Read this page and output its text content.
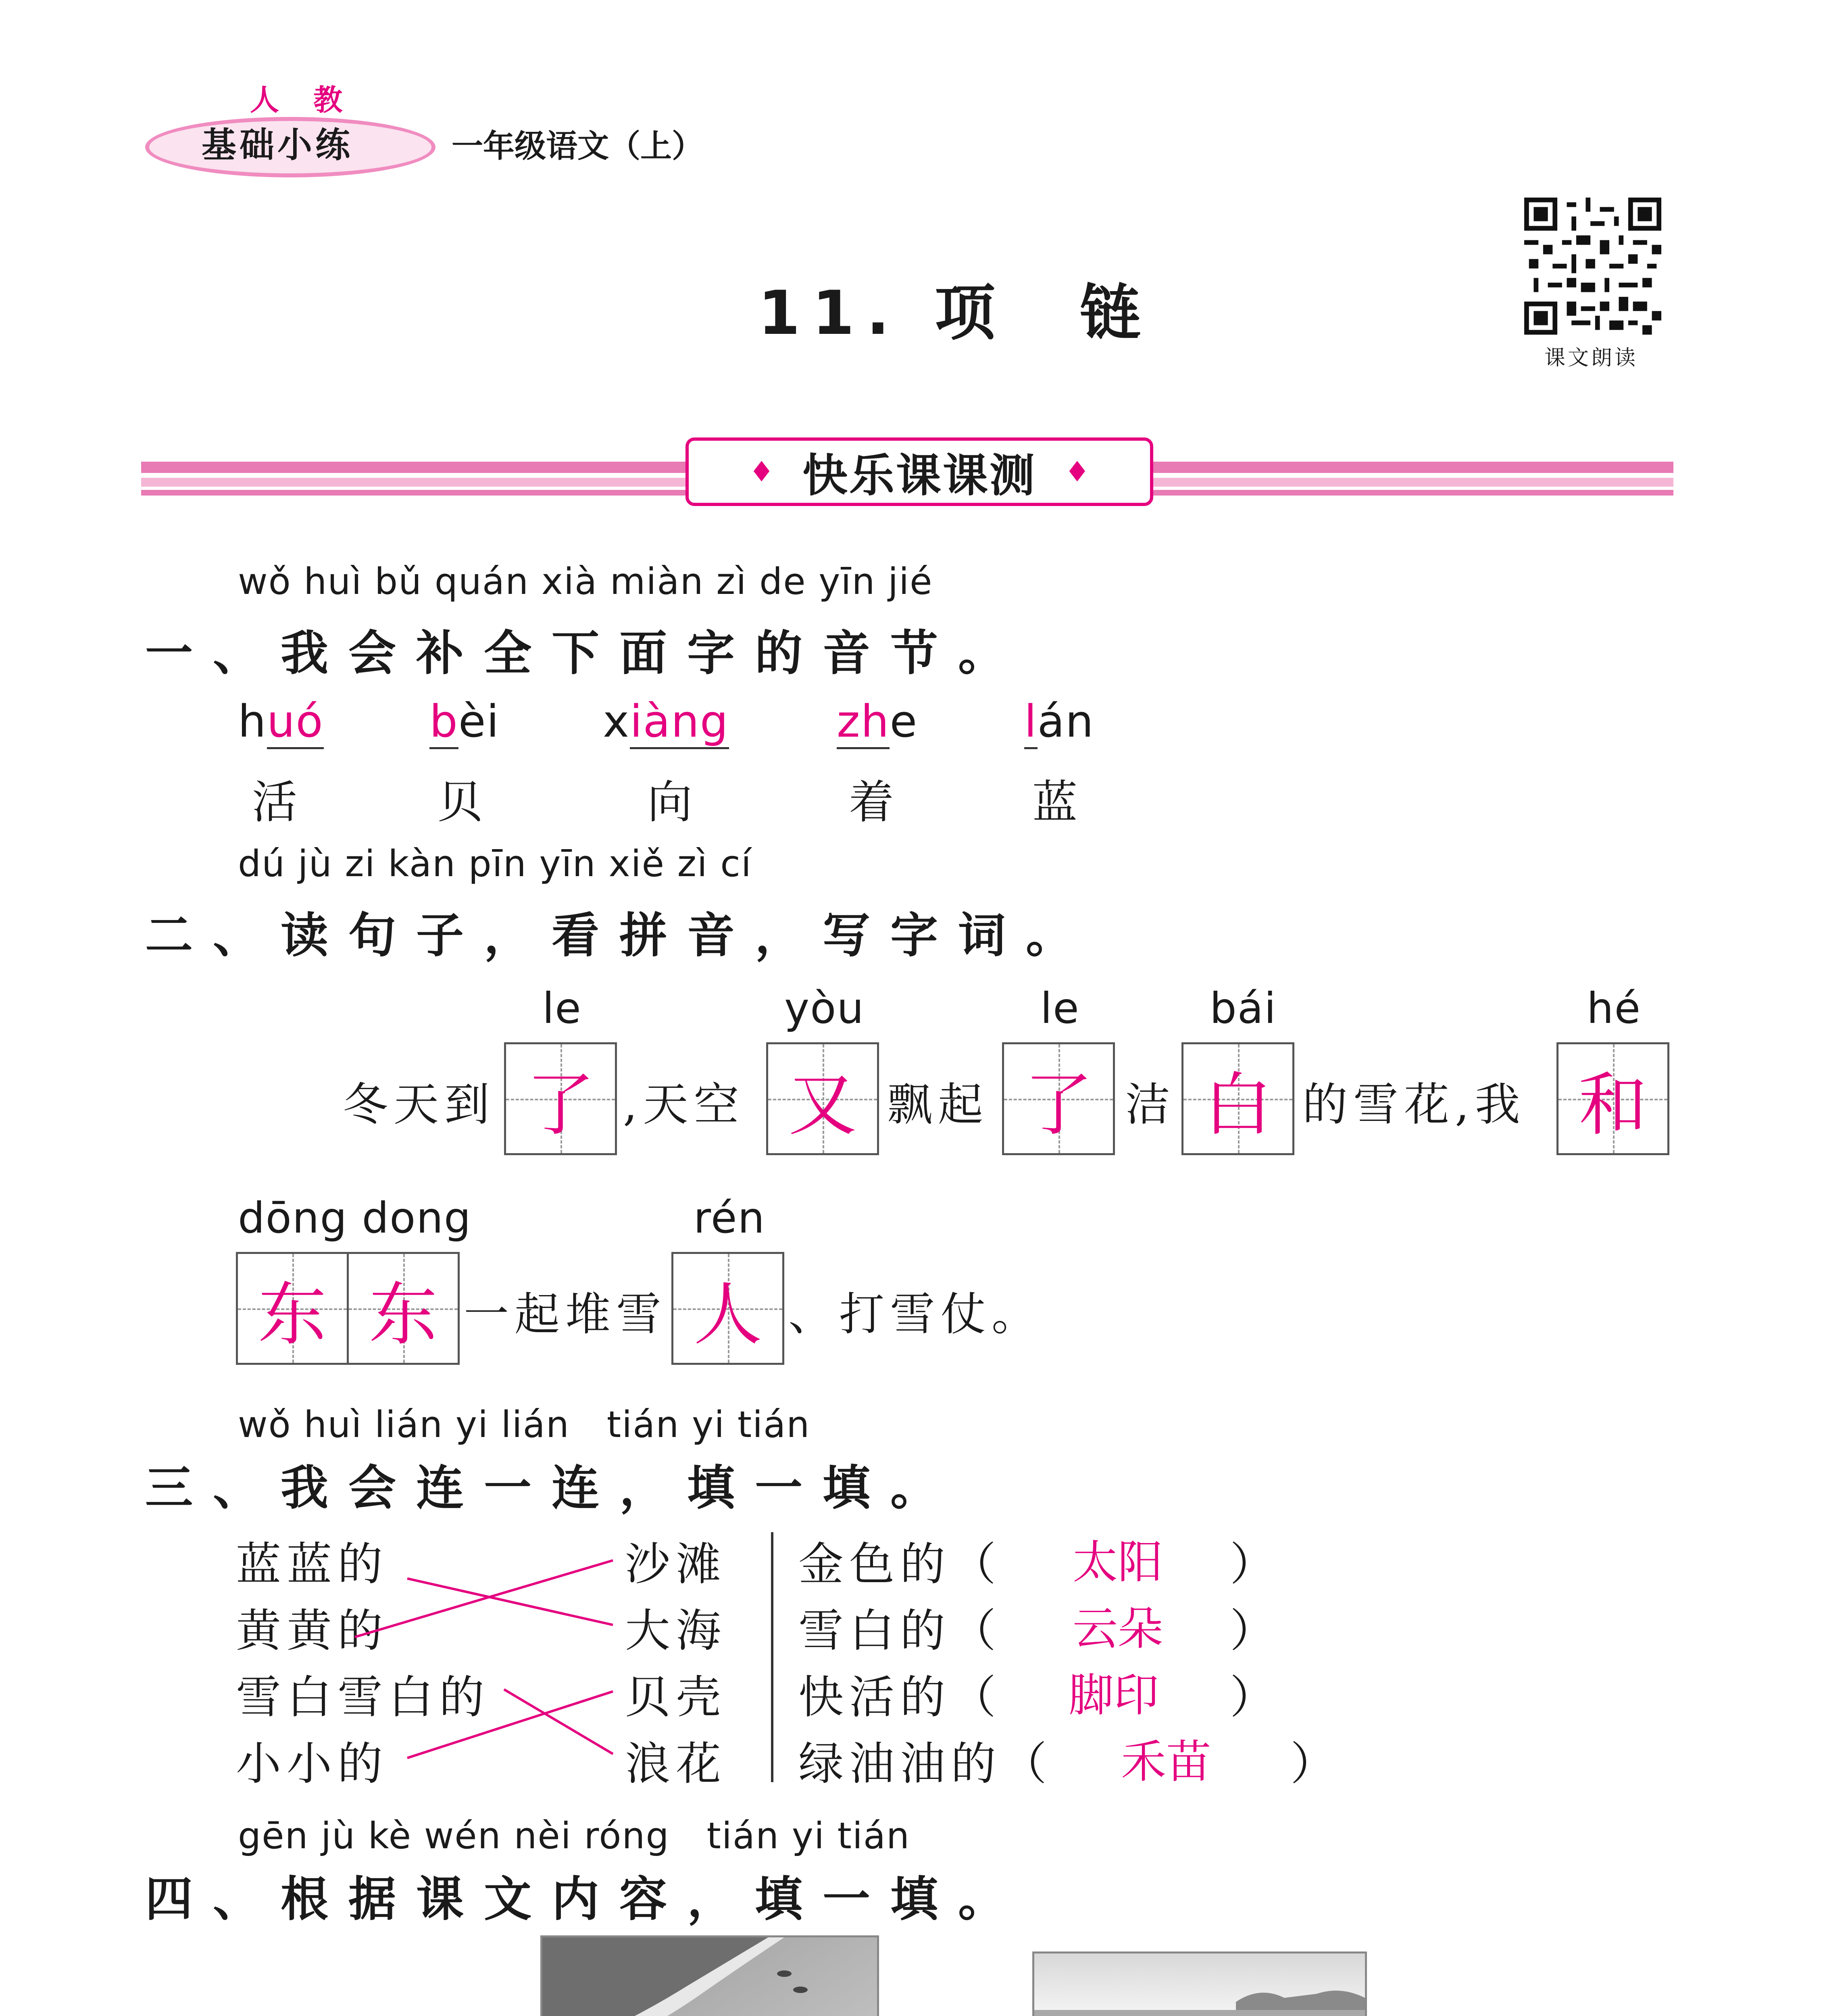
人 教
基础小练	一年级语文（上）
11. 项　链
课文朗读
♦ 快乐课课测 ♦
wǒ huì bǔ quán xià miàn zì de yīn jié
一、我会补全下面字的音节。
huó bèi xiàng zhe lán
活	贝	向	着	蓝
dú jù zi kàn pīn yīn xiě zì cí
二、读句子，看拼音，写字词。
le	yòu	le	bái	hé
冬天到 了 ,天空 又 飘起 了 洁 白 的雪花,我 和
dōng dong	rén
东 东 一起堆雪 人 、打雪仗。
wǒ huì lián yi lián　tián yi tián
三、我会连一连，填一填。
蓝蓝的
黄黄的
雪白雪白的
小小的
沙滩
大海
贝壳
浪花
金色的（ 太阳 ）
雪白的（ 云朵 ）
快活的（ 脚印 ）
绿油油的（ 禾苗 ）
gēn jù kè wén nèi róng　tián yi tián
四、根据课文内容，填一填。
